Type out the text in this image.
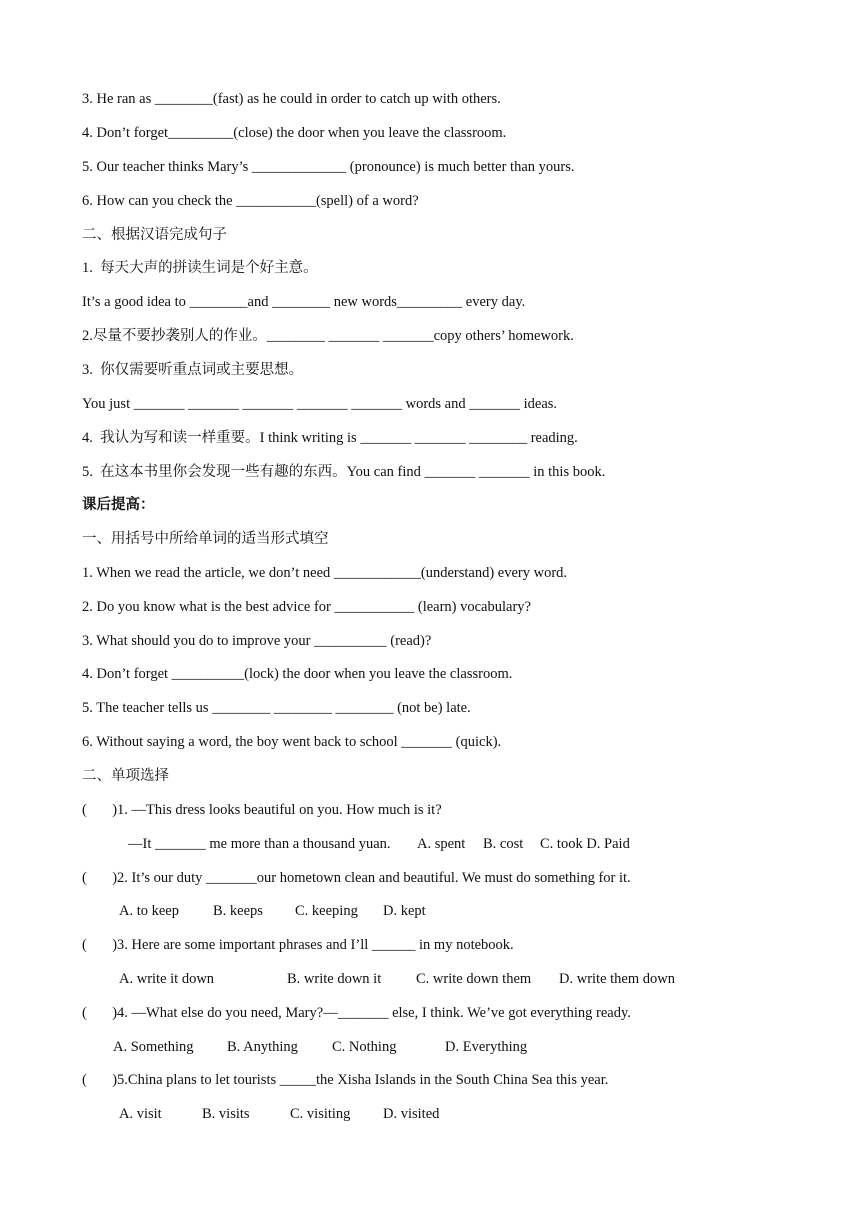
3. He ran as ________(fast) as he could in order to catch up with others.
4. Don’t forget_________(close) the door when you leave the classroom.
5. Our teacher thinks Mary’s _____________ (pronounce) is much better than yours.
6. How can you check the ___________(spell) of a word?
二、根据汉语完成句子
1.  每天大声的拼读生词是个好主意。
It’s a good idea to ________and ________ new words_________ every day.
2.尽量不要抄袭别人的作业。________ _______ _______copy others’ homework.
3.  你仅需要听重点词或主要思想。
You just _______ _______ _______ _______ _______ words and _______ ideas.
4.  我认为写和读一样重要。I think writing is _______ _______ ________ reading.
5.  在这本书里你会发现一些有趣的东西。You can find _______ _______ in this book.
课后提高：
一、用括号中所给单词的适当形式填空
1. When we read the article, we don’t need ____________(understand) every word.
2. Do you know what is the best advice for ___________ (learn) vocabulary?
3. What should you do to improve your __________ (read)?
4. Don’t forget __________(lock) the door when you leave the classroom.
5. The teacher tells us ________ ________ ________ (not be) late.
6. Without saying a word, the boy went back to school _______ (quick).
二、单项选择
(       )1. —This dress looks beautiful on you. How much is it?
—It _______ me more than a thousand yuan. A. spent B. cost C. took D. Paid
(       )2. It’s our duty _______our hometown clean and beautiful. We must do something for it.
A. to keep B. keeps C. keeping D. kept
(       )3. Here are some important phrases and I’ll ______ in my notebook.
A. write it down	B. write down it C. write down them D. write them down
(       )4. —What else do you need, Mary?—_______ else, I think. We’ve got everything ready.
A. Something B. Anything C. Nothing	D. Everything
(       )5.China plans to let tourists _____the Xisha Islands in the South China Sea this year.
A. visit	B. visits	C. visiting D. visited
